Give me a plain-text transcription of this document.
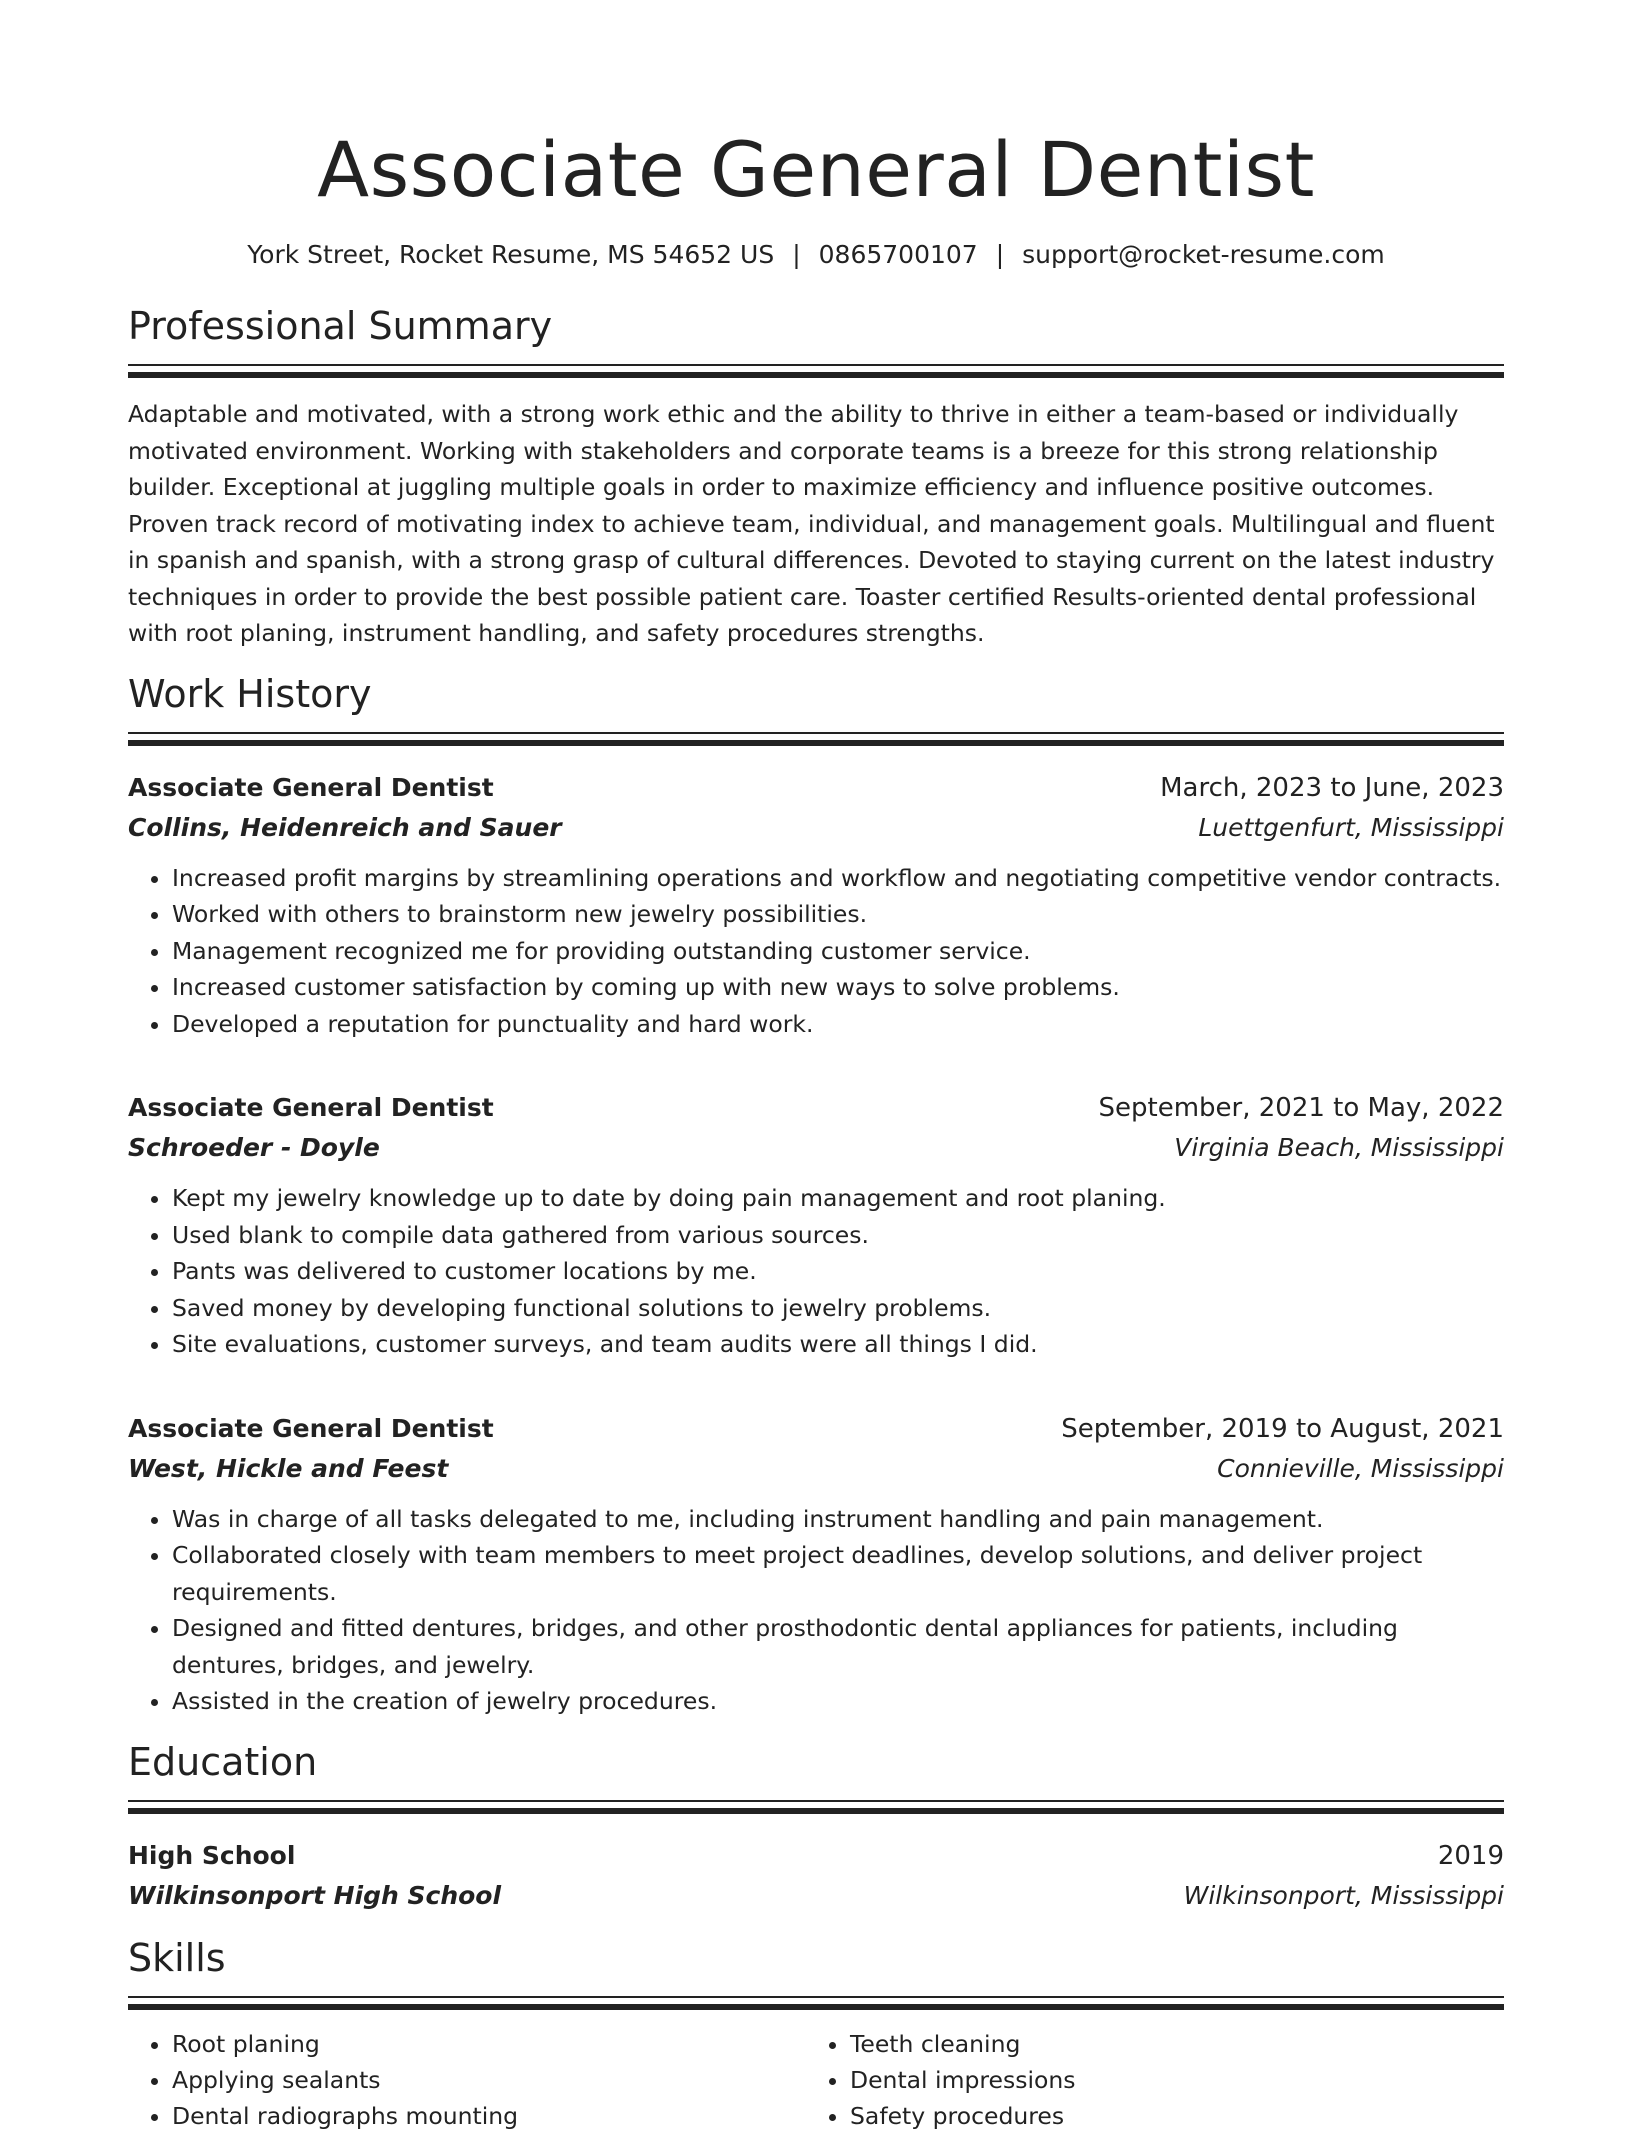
Associate General Dentist
York Street, Rocket Resume, MS 54652 US | 0865700107 | support@rocket-resume.com
Professional Summary
Adaptable and motivated, with a strong work ethic and the ability to thrive in either a team-based or individually motivated environment. Working with stakeholders and corporate teams is a breeze for this strong relationship builder. Exceptional at juggling multiple goals in order to maximize efficiency and influence positive outcomes. Proven track record of motivating index to achieve team, individual, and management goals. Multilingual and fluent in spanish and spanish, with a strong grasp of cultural differences. Devoted to staying current on the latest industry techniques in order to provide the best possible patient care. Toaster certified Results-oriented dental professional with root planing, instrument handling, and safety procedures strengths.
Work History
Associate General Dentist	March, 2023 to June, 2023
Collins, Heidenreich and Sauer	Luettgenfurt, Mississippi
• Increased profit margins by streamlining operations and workflow and negotiating competitive vendor contracts.
• Worked with others to brainstorm new jewelry possibilities.
• Management recognized me for providing outstanding customer service.
• Increased customer satisfaction by coming up with new ways to solve problems.
• Developed a reputation for punctuality and hard work.
Associate General Dentist	September, 2021 to May, 2022
Schroeder - Doyle	Virginia Beach, Mississippi
• Kept my jewelry knowledge up to date by doing pain management and root planing.
• Used blank to compile data gathered from various sources.
• Pants was delivered to customer locations by me.
• Saved money by developing functional solutions to jewelry problems.
• Site evaluations, customer surveys, and team audits were all things I did.
Associate General Dentist	September, 2019 to August, 2021
West, Hickle and Feest	Connieville, Mississippi
• Was in charge of all tasks delegated to me, including instrument handling and pain management.
• Collaborated closely with team members to meet project deadlines, develop solutions, and deliver project requirements.
• Designed and fitted dentures, bridges, and other prosthodontic dental appliances for patients, including dentures, bridges, and jewelry.
• Assisted in the creation of jewelry procedures.
Education
High School	2019
Wilkinsonport High School	Wilkinsonport, Mississippi
Skills
• Root planing
• Applying sealants
• Dental radiographs mounting
• Teeth cleaning
• Dental impressions
• Safety procedures
